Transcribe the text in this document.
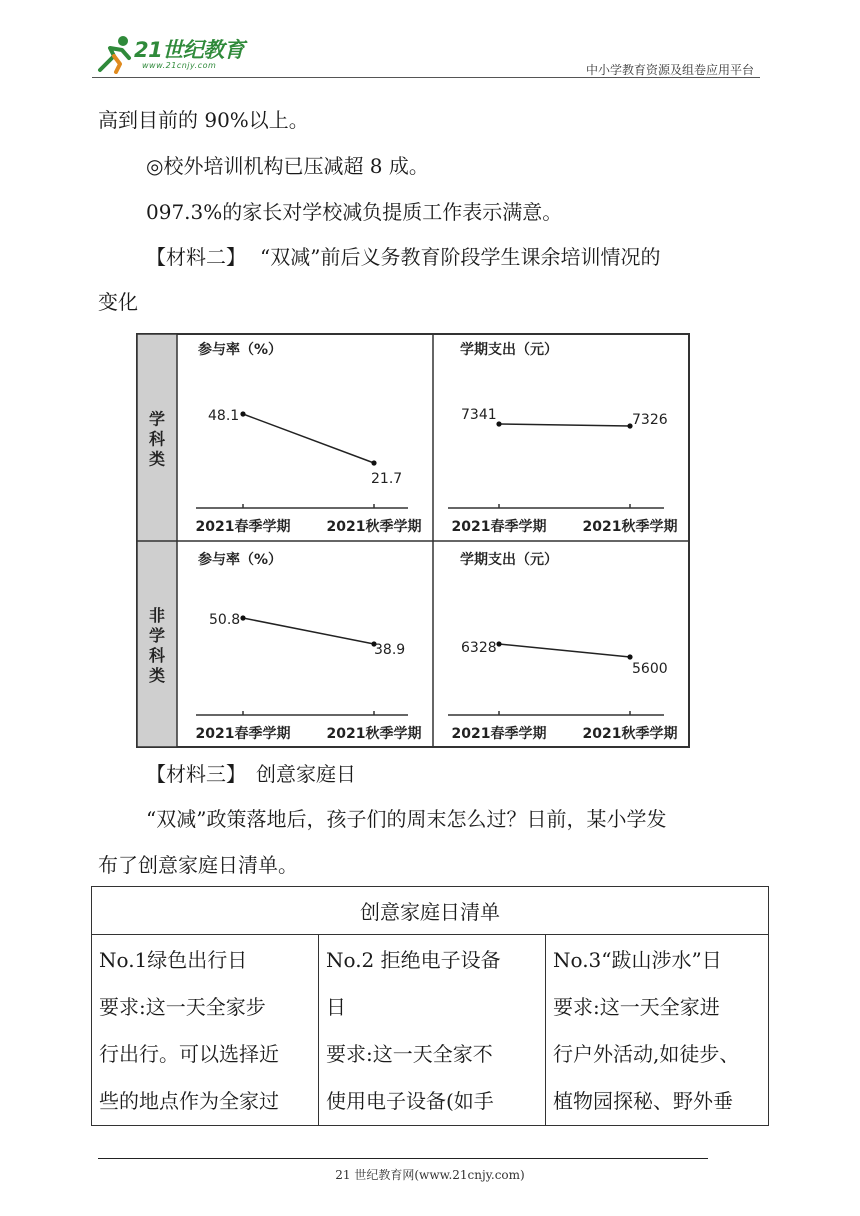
21世纪教育
www.21cnjy.com	中小学教育资源及组卷应用平台
高到目前的 90%以上。
◎校外培训机构已压减超 8 成。
097.3%的家长对学校减负提质工作表示满意。
【材料二】 “双减”前后义务教育阶段学生课余培训情况的
变化
学科类
非学科类
参与率（%）
48.1
21.7
2021春季学期	2021秋季学期
学期支出（元）
7341	7326
2021春季学期	2021秋季学期
参与率（%）
50.8
38.9
2021春季学期	2021秋季学期
学期支出（元）
6328
5600
2021春季学期	2021秋季学期
【材料三】　创意家庭日
“双减”政策落地后，孩子们的周末怎么过？日前，某小学发
布了创意家庭日清单。
创意家庭日清单

No.1绿色出行日
要求:这一天全家步
行出行。可以选择近
些的地点作为全家过

No.2 拒绝电子设备
日
要求:这一天全家不
使用电子设备(如手

No.3“跋山涉水”日
要求:这一天全家进
行户外活动,如徒步、
植物园探秘、野外垂
21 世纪教育网(www.21cnjy.com)
